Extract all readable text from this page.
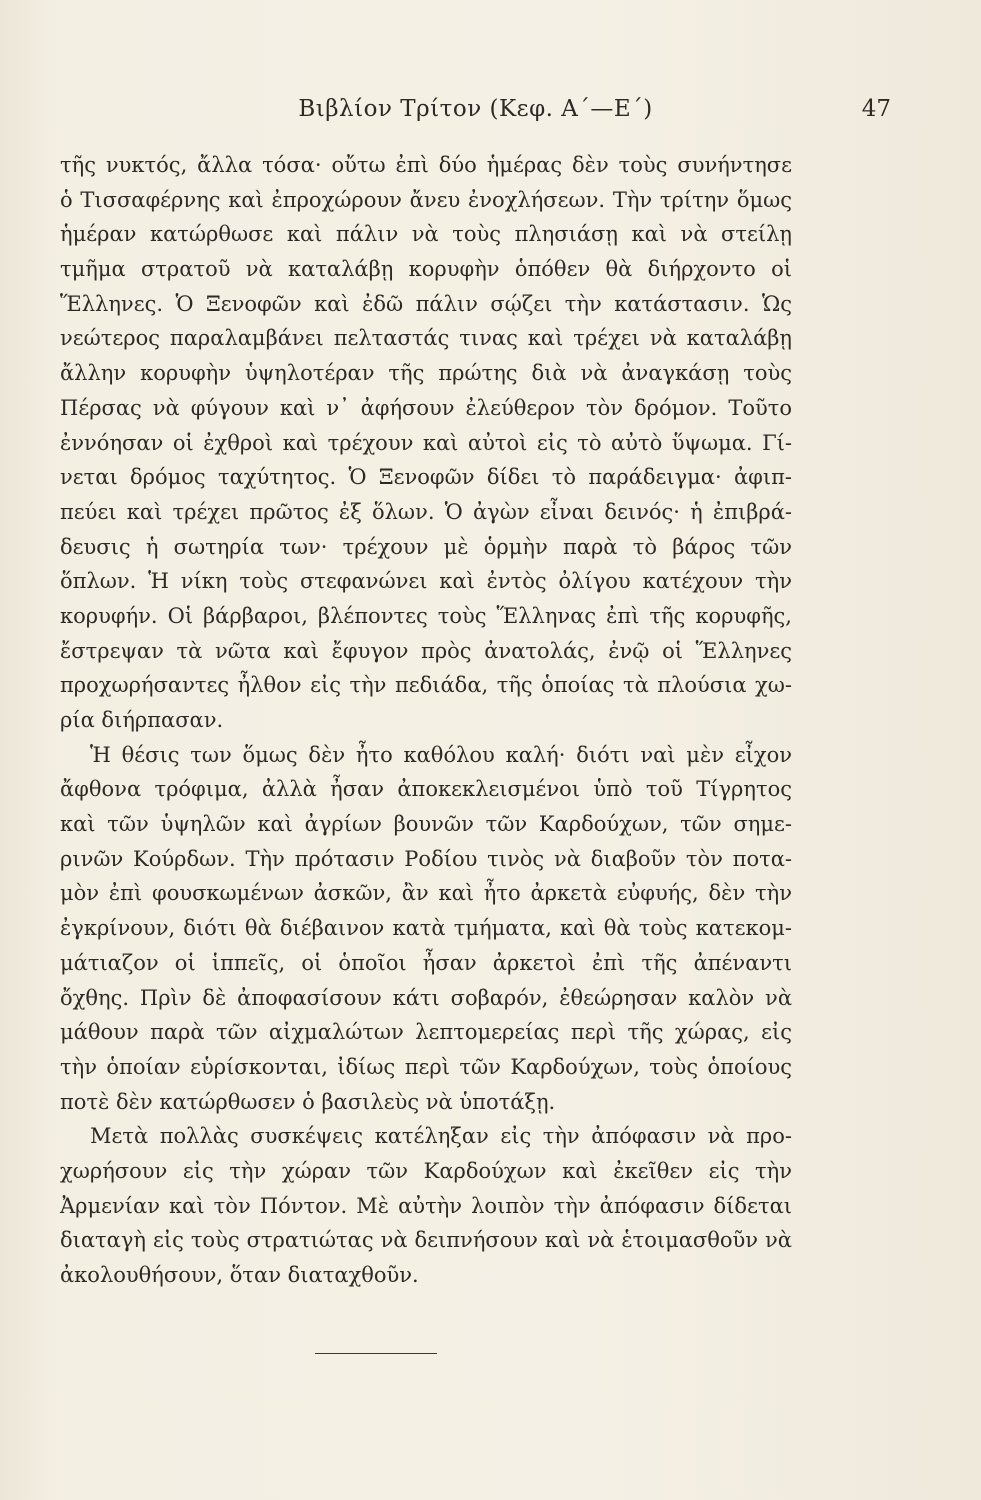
Βιβλίον Τρίτον (Κεφ. Α΄—Ε΄)	47
τῆς νυκτός, ἄλλα τόσα· οὔτω ἐπὶ δύο ἡμέρας δὲν τοὺς συνήντησε
ὁ Τισσαφέρνης καὶ ἐπροχώρουν ἄνευ ἐνοχλήσεων. Τὴν τρίτην ὅμως
ἡμέραν κατώρθωσε καὶ πάλιν νὰ τοὺς πλησιάσῃ καὶ νὰ στείλῃ
τμῆμα στρατοῦ νὰ καταλάβῃ κορυφὴν ὁπόθεν θὰ διήρχοντο οἱ
Ἕλληνες. Ὁ Ξενοφῶν καὶ ἐδῶ πάλιν σῴζει τὴν κατάστασιν. Ὡς
νεώτερος παραλαμβάνει πελταστάς τινας καὶ τρέχει νὰ καταλάβῃ
ἄλλην κορυφὴν ὑψηλοτέραν τῆς πρώτης διὰ νὰ ἀναγκάσῃ τοὺς
Πέρσας νὰ φύγουν καὶ ν᾽ ἀφήσουν ἐλεύθερον τὸν δρόμον. Τοῦτο
ἐννόησαν οἱ ἐχθροὶ καὶ τρέχουν καὶ αὐτοὶ εἰς τὸ αὐτὸ ὕψωμα. Γί-
νεται δρόμος ταχύτητος. Ὁ Ξενοφῶν δίδει τὸ παράδειγμα· ἀφιπ-
πεύει καὶ τρέχει πρῶτος ἐξ ὅλων. Ὁ ἀγὼν εἶναι δεινός· ἡ ἐπιβρά-
δευσις ἡ σωτηρία των· τρέχουν μὲ ὁρμὴν παρὰ τὸ βάρος τῶν
ὅπλων. Ἡ νίκη τοὺς στεφανώνει καὶ ἐντὸς ὀλίγου κατέχουν τὴν
κορυφήν. Οἱ βάρβαροι, βλέποντες τοὺς Ἕλληνας ἐπὶ τῆς κορυφῆς,
ἔστρεψαν τὰ νῶτα καὶ ἔφυγον πρὸς ἀνατολάς, ἐνῷ οἱ Ἕλληνες
προχωρήσαντες ἦλθον εἰς τὴν πεδιάδα, τῆς ὁποίας τὰ πλούσια χω-
ρία διήρπασαν.
Ἡ θέσις των ὅμως δὲν ἦτο καθόλου καλή· διότι ναὶ μὲν εἶχον
ἄφθονα τρόφιμα, ἀλλὰ ἦσαν ἀποκεκλεισμένοι ὑπὸ τοῦ Τίγρητος
καὶ τῶν ὑψηλῶν καὶ ἀγρίων βουνῶν τῶν Καρδούχων, τῶν σημε-
ρινῶν Κούρδων. Τὴν πρότασιν Ροδίου τινὸς νὰ διαβοῦν τὸν ποτα-
μὸν ἐπὶ φουσκωμένων ἀσκῶν, ἂν καὶ ἦτο ἀρκετὰ εὐφυής, δὲν τὴν
ἐγκρίνουν, διότι θὰ διέβαινον κατὰ τμήματα, καὶ θὰ τοὺς κατεκομ-
μάτιαζον οἱ ἱππεῖς, οἱ ὁποῖοι ἦσαν ἀρκετοὶ ἐπὶ τῆς ἀπέναντι
ὄχθης. Πρὶν δὲ ἀποφασίσουν κάτι σοβαρόν, ἐθεώρησαν καλὸν νὰ
μάθουν παρὰ τῶν αἰχμαλώτων λεπτομερείας περὶ τῆς χώρας, εἰς
τὴν ὁποίαν εὑρίσκονται, ἰδίως περὶ τῶν Καρδούχων, τοὺς ὁποίους
ποτὲ δὲν κατώρθωσεν ὁ βασιλεὺς νὰ ὑποτάξῃ.
Μετὰ πολλὰς συσκέψεις κατέληξαν εἰς τὴν ἀπόφασιν νὰ προ-
χωρήσουν εἰς τὴν χώραν τῶν Καρδούχων καὶ ἐκεῖθεν εἰς τὴν
Ἀρμενίαν καὶ τὸν Πόντον. Μὲ αὐτὴν λοιπὸν τὴν ἀπόφασιν δίδεται
διαταγὴ εἰς τοὺς στρατιώτας νὰ δειπνήσουν καὶ νὰ ἑτοιμασθοῦν νὰ
ἀκολουθήσουν, ὅταν διαταχθοῦν.
